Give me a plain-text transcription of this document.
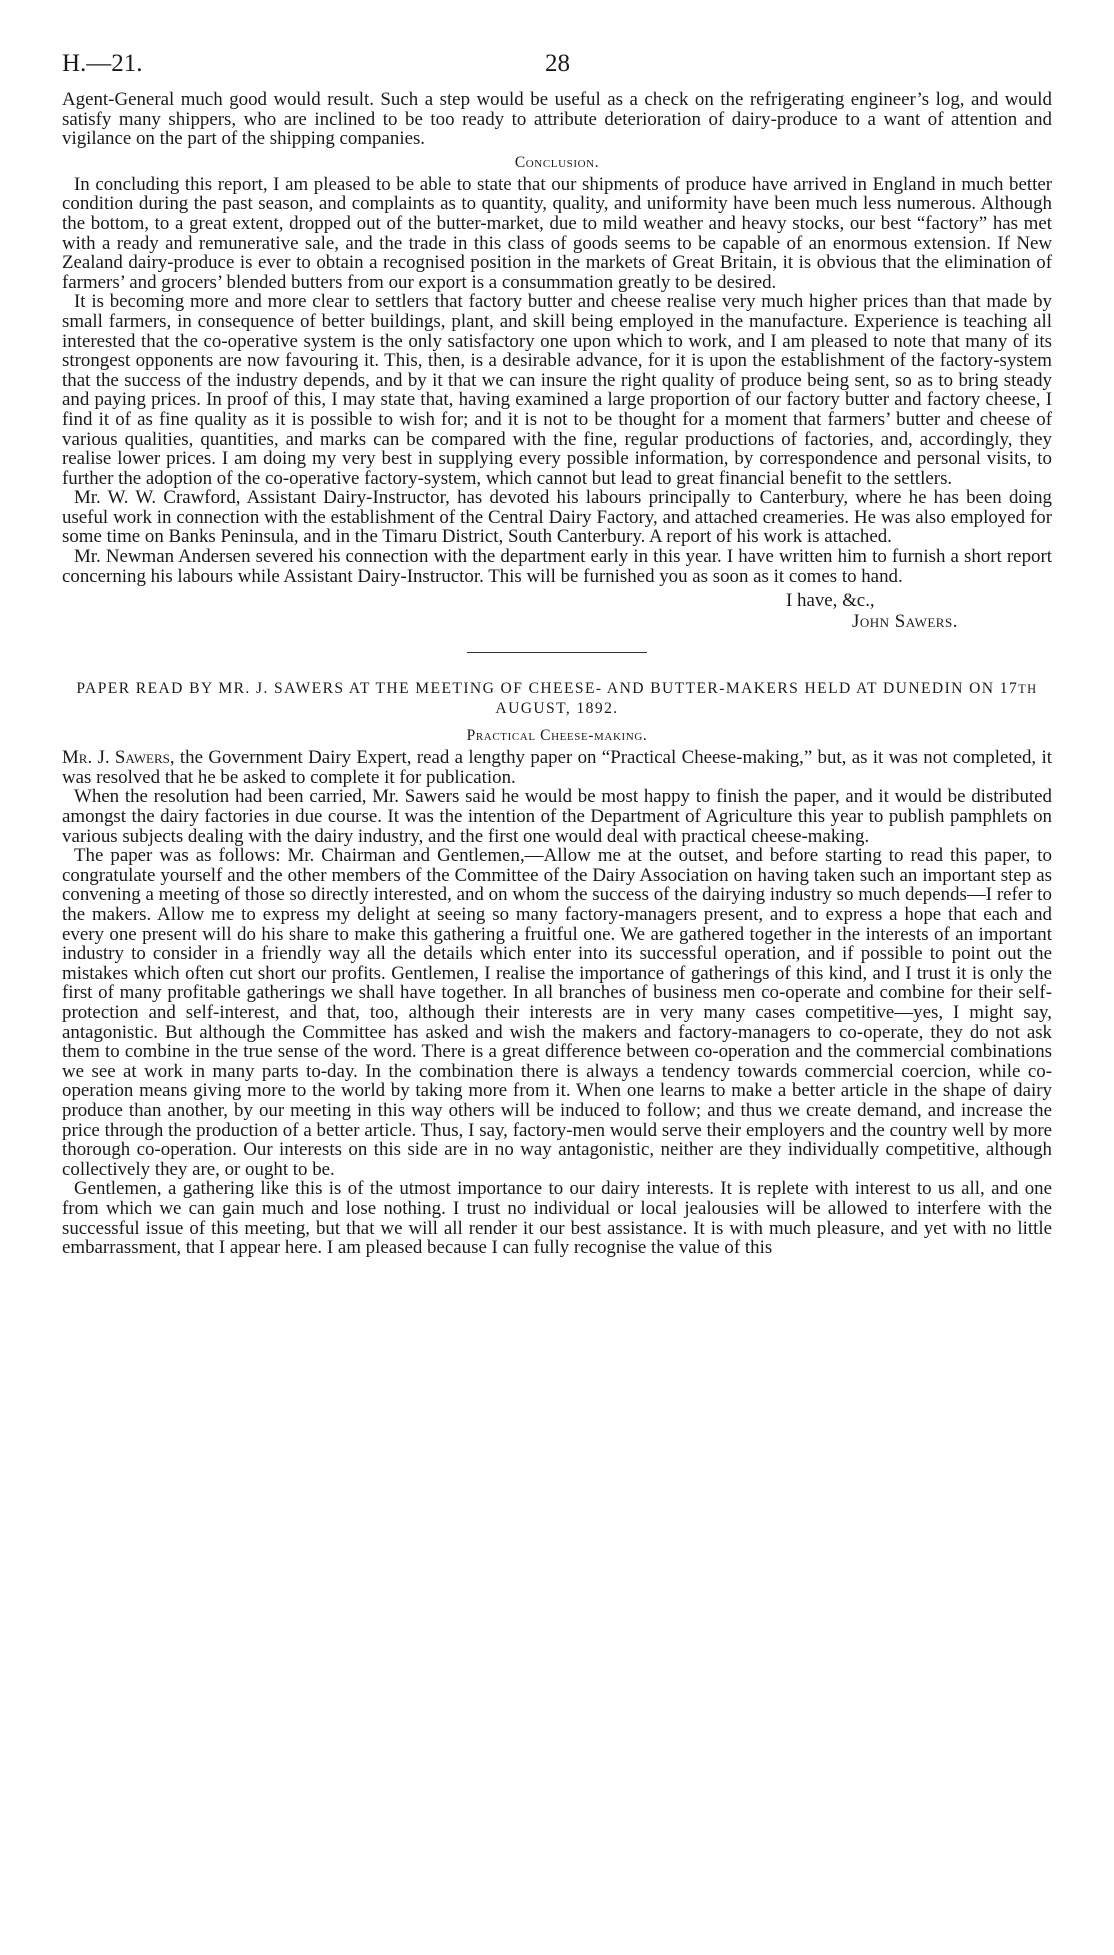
H.—21.	28

Agent-General much good would result. Such a step would be useful as a check on the refrigerating engineer’s log, and would satisfy many shippers, who are inclined to be too ready to attribute deterioration of dairy-produce to a want of attention and vigilance on the part of the shipping companies.

Conclusion.

In concluding this report, I am pleased to be able to state that our shipments of produce have arrived in England in much better condition during the past season, and complaints as to quantity, quality, and uniformity have been much less numerous. Although the bottom, to a great extent, dropped out of the butter-market, due to mild weather and heavy stocks, our best “factory” has met with a ready and remunerative sale, and the trade in this class of goods seems to be capable of an enormous extension. If New Zealand dairy-produce is ever to obtain a recognised position in the markets of Great Britain, it is obvious that the elimination of farmers’ and grocers’ blended butters from our export is a consummation greatly to be desired.

It is becoming more and more clear to settlers that factory butter and cheese realise very much higher prices than that made by small farmers, in consequence of better buildings, plant, and skill being employed in the manufacture. Experience is teaching all interested that the co-operative system is the only satisfactory one upon which to work, and I am pleased to note that many of its strongest opponents are now favouring it. This, then, is a desirable advance, for it is upon the establishment of the factory-system that the success of the industry depends, and by it that we can insure the right quality of produce being sent, so as to bring steady and paying prices. In proof of this, I may state that, having examined a large proportion of our factory butter and factory cheese, I find it of as fine quality as it is possible to wish for; and it is not to be thought for a moment that farmers’ butter and cheese of various qualities, quantities, and marks can be compared with the fine, regular productions of factories, and, accordingly, they realise lower prices. I am doing my very best in supplying every possible information, by correspondence and personal visits, to further the adoption of the co-operative factory-system, which cannot but lead to great financial benefit to the settlers.

Mr. W. W. Crawford, Assistant Dairy-Instructor, has devoted his labours principally to Canterbury, where he has been doing useful work in connection with the establishment of the Central Dairy Factory, and attached creameries. He was also employed for some time on Banks Peninsula, and in the Timaru District, South Canterbury. A report of his work is attached.

Mr. Newman Andersen severed his connection with the department early in this year. I have written him to furnish a short report concerning his labours while Assistant Dairy-Instructor. This will be furnished you as soon as it comes to hand.

I have, &c.,
John Sawers.
PAPER READ BY MR. J. SAWERS AT THE MEETING OF CHEESE- AND BUTTER-MAKERS HELD AT DUNEDIN ON 17TH AUGUST, 1892.
Practical Cheese-making.

Mr. J. Sawers, the Government Dairy Expert, read a lengthy paper on “Practical Cheese-making,” but, as it was not completed, it was resolved that he be asked to complete it for publication.

When the resolution had been carried, Mr. Sawers said he would be most happy to finish the paper, and it would be distributed amongst the dairy factories in due course. It was the intention of the Department of Agriculture this year to publish pamphlets on various subjects dealing with the dairy industry, and the first one would deal with practical cheese-making.

The paper was as follows: Mr. Chairman and Gentlemen,—Allow me at the outset, and before starting to read this paper, to congratulate yourself and the other members of the Committee of the Dairy Association on having taken such an important step as convening a meeting of those so directly interested, and on whom the success of the dairying industry so much depends—I refer to the makers. Allow me to express my delight at seeing so many factory-managers present, and to express a hope that each and every one present will do his share to make this gathering a fruitful one. We are gathered together in the interests of an important industry to consider in a friendly way all the details which enter into its successful operation, and if possible to point out the mistakes which often cut short our profits. Gentlemen, I realise the importance of gatherings of this kind, and I trust it is only the first of many profitable gatherings we shall have together. In all branches of business men co-operate and combine for their self-protection and self-interest, and that, too, although their interests are in very many cases competitive—yes, I might say, antagonistic. But although the Committee has asked and wish the makers and factory-managers to co-operate, they do not ask them to combine in the true sense of the word. There is a great difference between co-operation and the commercial combinations we see at work in many parts to-day. In the combination there is always a tendency towards commercial coercion, while co-operation means giving more to the world by taking more from it. When one learns to make a better article in the shape of dairy produce than another, by our meeting in this way others will be induced to follow; and thus we create demand, and increase the price through the production of a better article. Thus, I say, factory-men would serve their employers and the country well by more thorough co-operation. Our interests on this side are in no way antagonistic, neither are they individually competitive, although collectively they are, or ought to be.

Gentlemen, a gathering like this is of the utmost importance to our dairy interests. It is replete with interest to us all, and one from which we can gain much and lose nothing. I trust no individual or local jealousies will be allowed to interfere with the successful issue of this meeting, but that we will all render it our best assistance. It is with much pleasure, and yet with no little embarrassment, that I appear here. I am pleased because I can fully recognise the value of this
